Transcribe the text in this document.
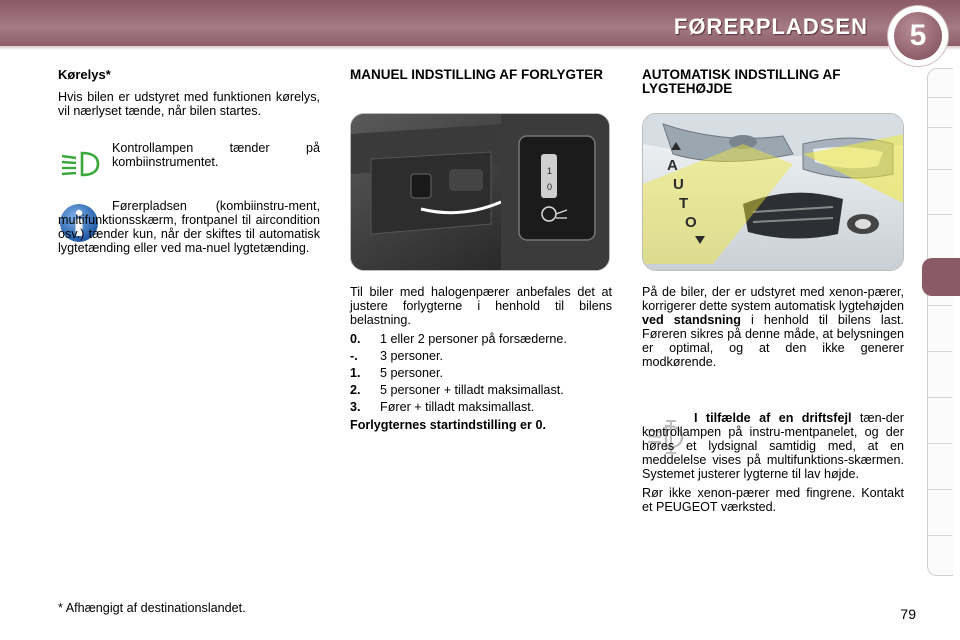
FØRERPLADSEN	5
Kørelys*

Hvis bilen er udstyret med funktionen kørelys, vil nærlyset tænde, når bilen startes.

Kontrollampen tænder på kombiinstrumentet.

Førerpladsen (kombiinstru-ment, multifunktionsskærm, frontpanel til aircondition osv.) tænder kun, når der skiftes til automatisk lygtetænding eller ved ma-nuel lygtetænding.

MANUEL INDSTILLING AF FORLYGTER
1
0

Til biler med halogenpærer anbefales det at justere forlygterne i henhold til bilens belastning.

0.	1 eller 2 personer på forsæderne.
-.	3 personer.
1.	5 personer.
2.	5 personer + tilladt maksimallast.
3.	Fører + tilladt maksimallast.

Forlygternes startindstilling er 0.

AUTOMATISK INDSTILLING AF LYGTEHØJDE
A
U
T
O

På de biler, der er udstyret med xenon-pærer, korrigerer dette system automatisk lygtehøjden ved standsning i henhold til bilens last. Føreren sikres på denne måde, at belysningen er optimal, og at den ikke generer modkørende.

I tilfælde af en driftsfejl tæn-der kontrollampen på instru-mentpanelet, og der høres et lydsignal samtidig med, at en meddelelse vises på multifunktions-skærmen. Systemet justerer lygterne til lav højde.

Rør ikke xenon-pærer med fingrene. Kontakt et PEUGEOT værksted.

* Afhængigt af destinationslandet.	79
